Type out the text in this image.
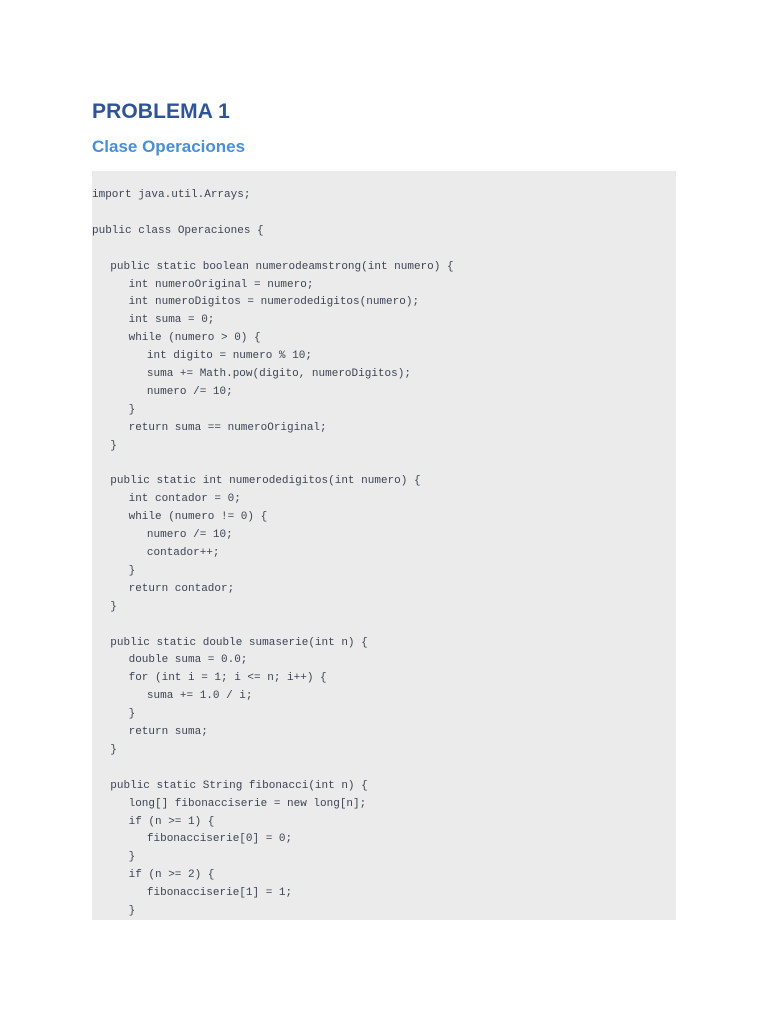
PROBLEMA 1
Clase Operaciones
import java.util.Arrays;
public class Operaciones {
public static boolean numerodeamstrong(int numero) {
int numeroOriginal = numero;
int numeroDigitos = numerodedigitos(numero);
int suma = 0;
while (numero > 0) {
int digito = numero % 10;
suma += Math.pow(digito, numeroDigitos);
numero /= 10;
}
return suma == numeroOriginal;
}
public static int numerodedigitos(int numero) {
int contador = 0;
while (numero != 0) {
numero /= 10;
contador++;
}
return contador;
}
public static double sumaserie(int n) {
double suma = 0.0;
for (int i = 1; i <= n; i++) {
suma += 1.0 / i;
}
return suma;
}
public static String fibonacci(int n) {
long[] fibonacciserie = new long[n];
if (n >= 1) {
fibonacciserie[0] = 0;
}
if (n >= 2) {
fibonacciserie[1] = 1;
}
